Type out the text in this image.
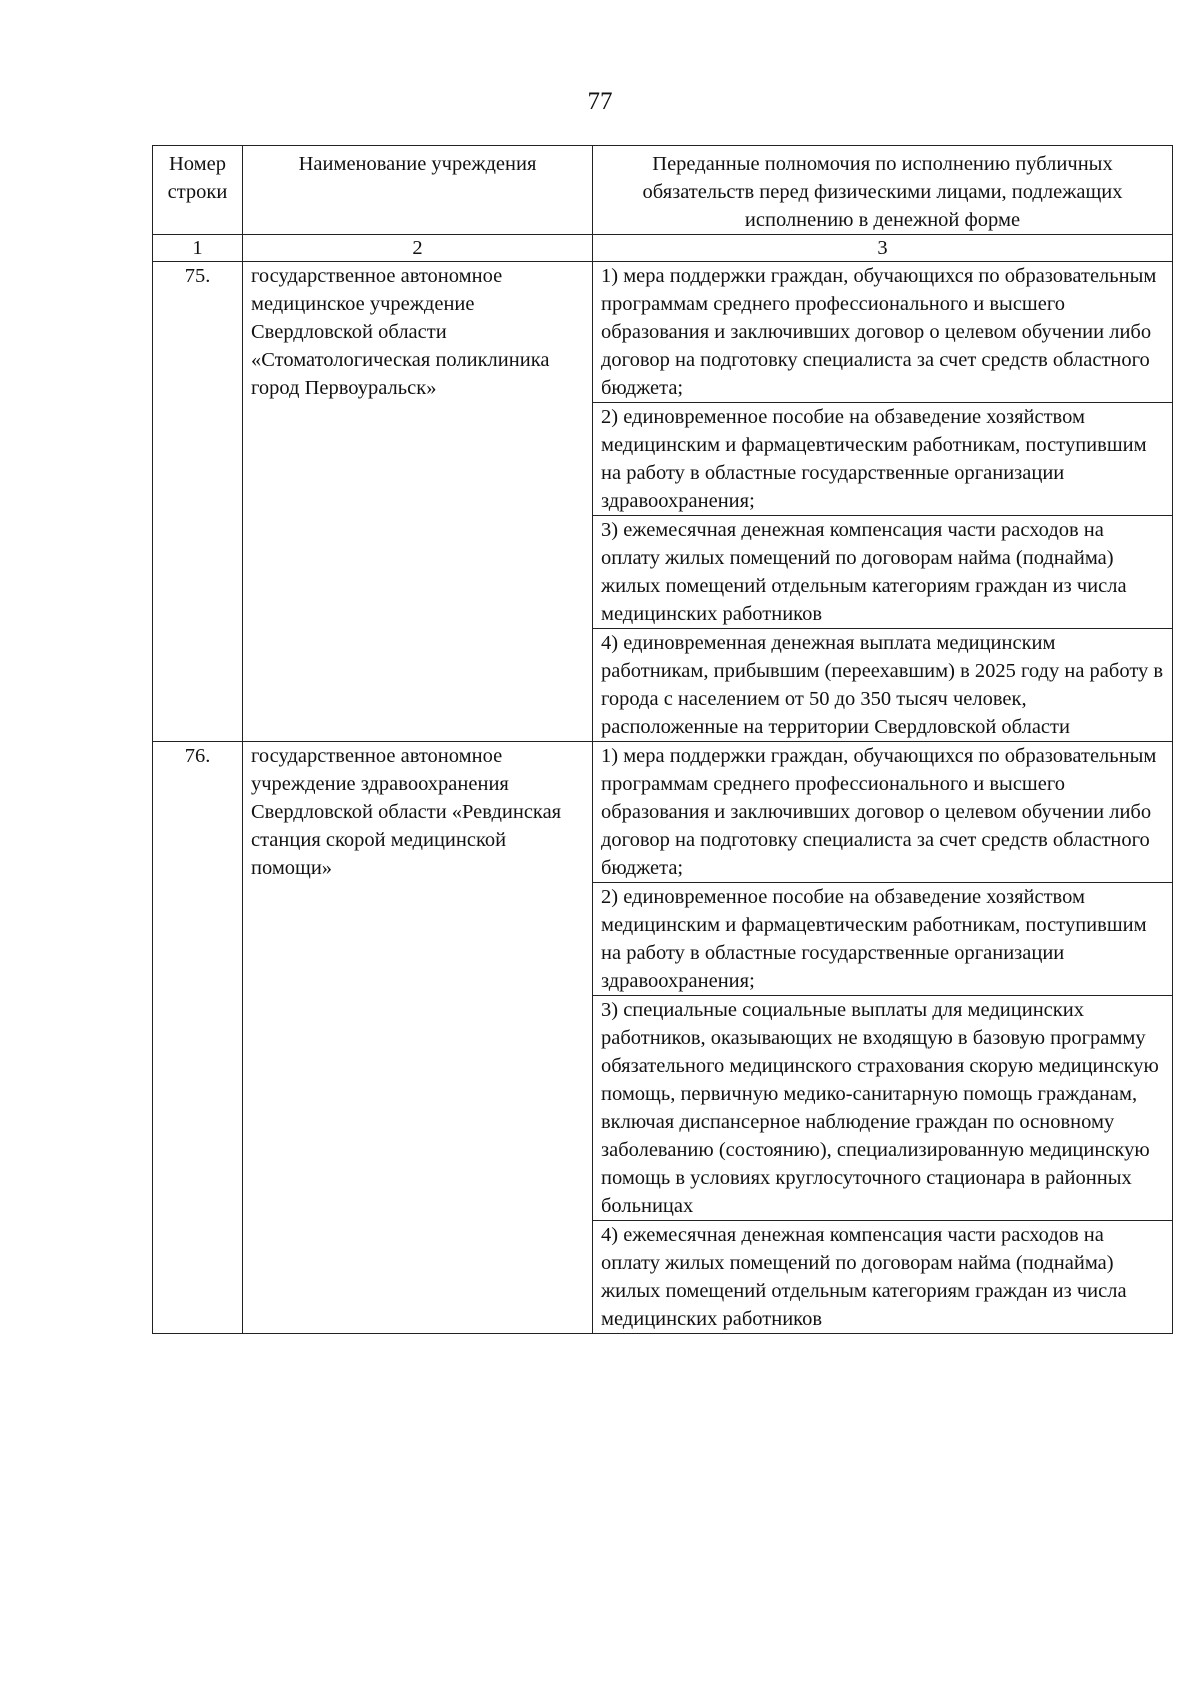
77
Номер строки	Наименование учреждения	Переданные полномочия по исполнению публичных обязательств перед физическими лицами, подлежащих исполнению в денежной форме
1	2	3
75.	государственное автономное медицинское учреждение Свердловской области «Стоматологическая поликлиника город Первоуральск»	1) мера поддержки граждан, обучающихся по образовательным программам среднего профессионального и высшего образования и заключивших договор о целевом обучении либо договор на подготовку специалиста за счет средств областного бюджета;
		2) единовременное пособие на обзаведение хозяйством медицинским и фармацевтическим работникам, поступившим на работу в областные государственные организации здравоохранения;
		3) ежемесячная денежная компенсация части расходов на оплату жилых помещений по договорам найма (поднайма) жилых помещений отдельным категориям граждан из числа медицинских работников
		4) единовременная денежная выплата медицинским работникам, прибывшим (переехавшим) в 2025 году на работу в города с населением от 50 до 350 тысяч человек, расположенные на территории Свердловской области
76.	государственное автономное учреждение здравоохранения Свердловской области «Ревдинская станция скорой медицинской помощи»	1) мера поддержки граждан, обучающихся по образовательным программам среднего профессионального и высшего образования и заключивших договор о целевом обучении либо договор на подготовку специалиста за счет средств областного бюджета;
		2) единовременное пособие на обзаведение хозяйством медицинским и фармацевтическим работникам, поступившим на работу в областные государственные организации здравоохранения;
		3) специальные социальные выплаты для медицинских работников, оказывающих не входящую в базовую программу обязательного медицинского страхования скорую медицинскую помощь, первичную медико-санитарную помощь гражданам, включая диспансерное наблюдение граждан по основному заболеванию (состоянию), специализированную медицинскую помощь в условиях круглосуточного стационара в районных больницах
		4) ежемесячная денежная компенсация части расходов на оплату жилых помещений по договорам найма (поднайма) жилых помещений отдельным категориям граждан из числа медицинских работников
